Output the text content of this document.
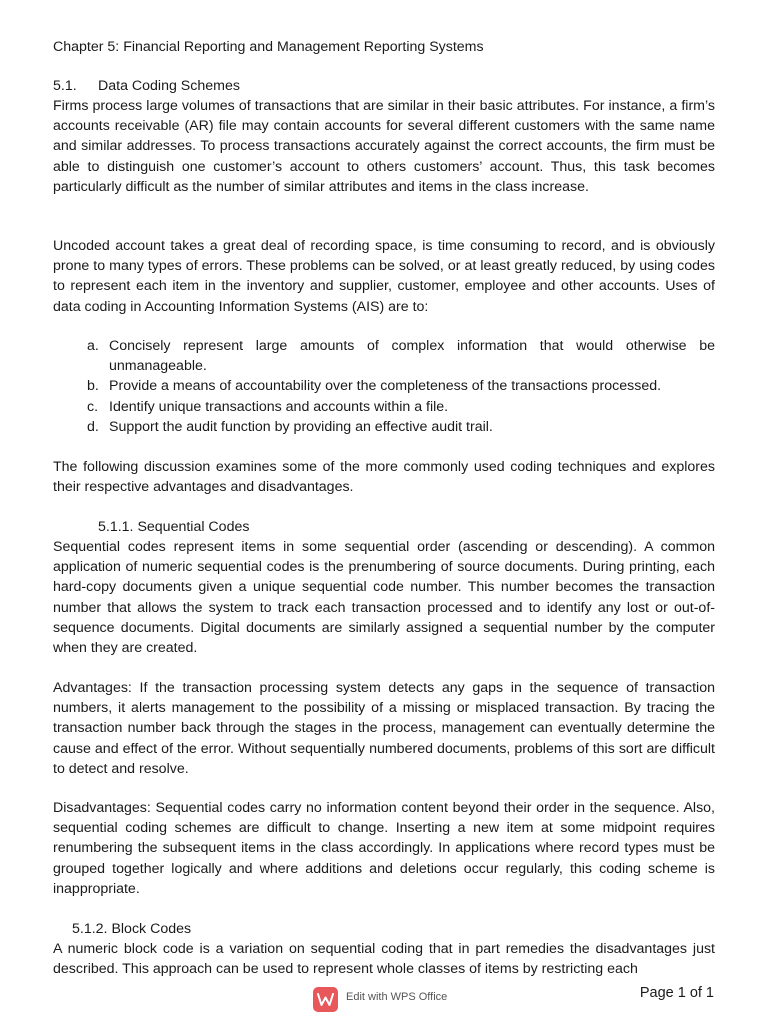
Chapter 5: Financial Reporting and Management Reporting Systems
5.1. Data Coding Schemes

Firms process large volumes of transactions that are similar in their basic attributes. For instance, a firm’s accounts receivable (AR) file may contain accounts for several different customers with the same name and similar addresses. To process transactions accurately against the correct accounts, the firm must be able to distinguish one customer’s account to others customers’ account. Thus, this task becomes particularly difficult as the number of similar attributes and items in the class increase.

Uncoded account takes a great deal of recording space, is time consuming to record, and is obviously prone to many types of errors. These problems can be solved, or at least greatly reduced, by using codes to represent each item in the inventory and supplier, customer, employee and other accounts. Uses of data coding in Accounting Information Systems (AIS) are to:

a. Concisely represent large amounts of complex information that would otherwise be unmanageable.
b. Provide a means of accountability over the completeness of the transactions processed.
c. Identify unique transactions and accounts within a file.
d. Support the audit function by providing an effective audit trail.

The following discussion examines some of the more commonly used coding techniques and explores their respective advantages and disadvantages.

5.1.1. Sequential Codes

Sequential codes represent items in some sequential order (ascending or descending). A common application of numeric sequential codes is the prenumbering of source documents. During printing, each hard-copy documents given a unique sequential code number. This number becomes the transaction number that allows the system to track each transaction processed and to identify any lost or out-of-sequence documents. Digital documents are similarly assigned a sequential number by the computer when they are created.

Advantages: If the transaction processing system detects any gaps in the sequence of transaction numbers, it alerts management to the possibility of a missing or misplaced transaction. By tracing the transaction number back through the stages in the process, management can eventually determine the cause and effect of the error. Without sequentially numbered documents, problems of this sort are difficult to detect and resolve.

Disadvantages: Sequential codes carry no information content beyond their order in the sequence. Also, sequential coding schemes are difficult to change. Inserting a new item at some midpoint requires renumbering the subsequent items in the class accordingly. In applications where record types must be grouped together logically and where additions and deletions occur regularly, this coding scheme is inappropriate.

5.1.2. Block Codes

A numeric block code is a variation on sequential coding that in part remedies the disadvantages just described. This approach can be used to represent whole classes of items by restricting each

Edit with WPS Office	Page 1 of 1
